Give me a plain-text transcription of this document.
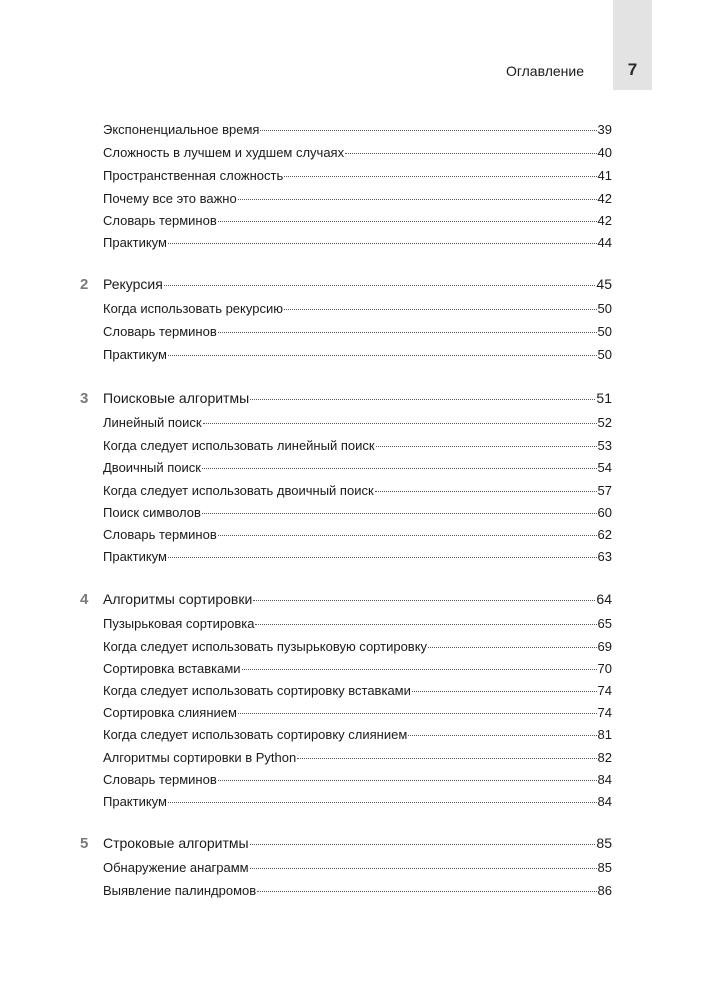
7
Оглавление
Экспоненциальное время	39
Сложность в лучшем и худшем случаях	40
Пространственная сложность	41
Почему все это важно	42
Словарь терминов	42
Практикум	44
2	Рекурсия	45
Когда использовать рекурсию	50
Словарь терминов	50
Практикум	50
3	Поисковые алгоритмы	51
Линейный поиск	52
Когда следует использовать линейный поиск	53
Двоичный поиск	54
Когда следует использовать двоичный поиск	57
Поиск символов	60
Словарь терминов	62
Практикум	63
4	Алгоритмы сортировки	64
Пузырьковая сортировка	65
Когда следует использовать пузырьковую сортировку	69
Сортировка вставками	70
Когда следует использовать сортировку вставками	74
Сортировка слиянием	74
Когда следует использовать сортировку слиянием	81
Алгоритмы сортировки в Python	82
Словарь терминов	84
Практикум	84
5	Строковые алгоритмы	85
Обнаружение анаграмм	85
Выявление палиндромов	86
